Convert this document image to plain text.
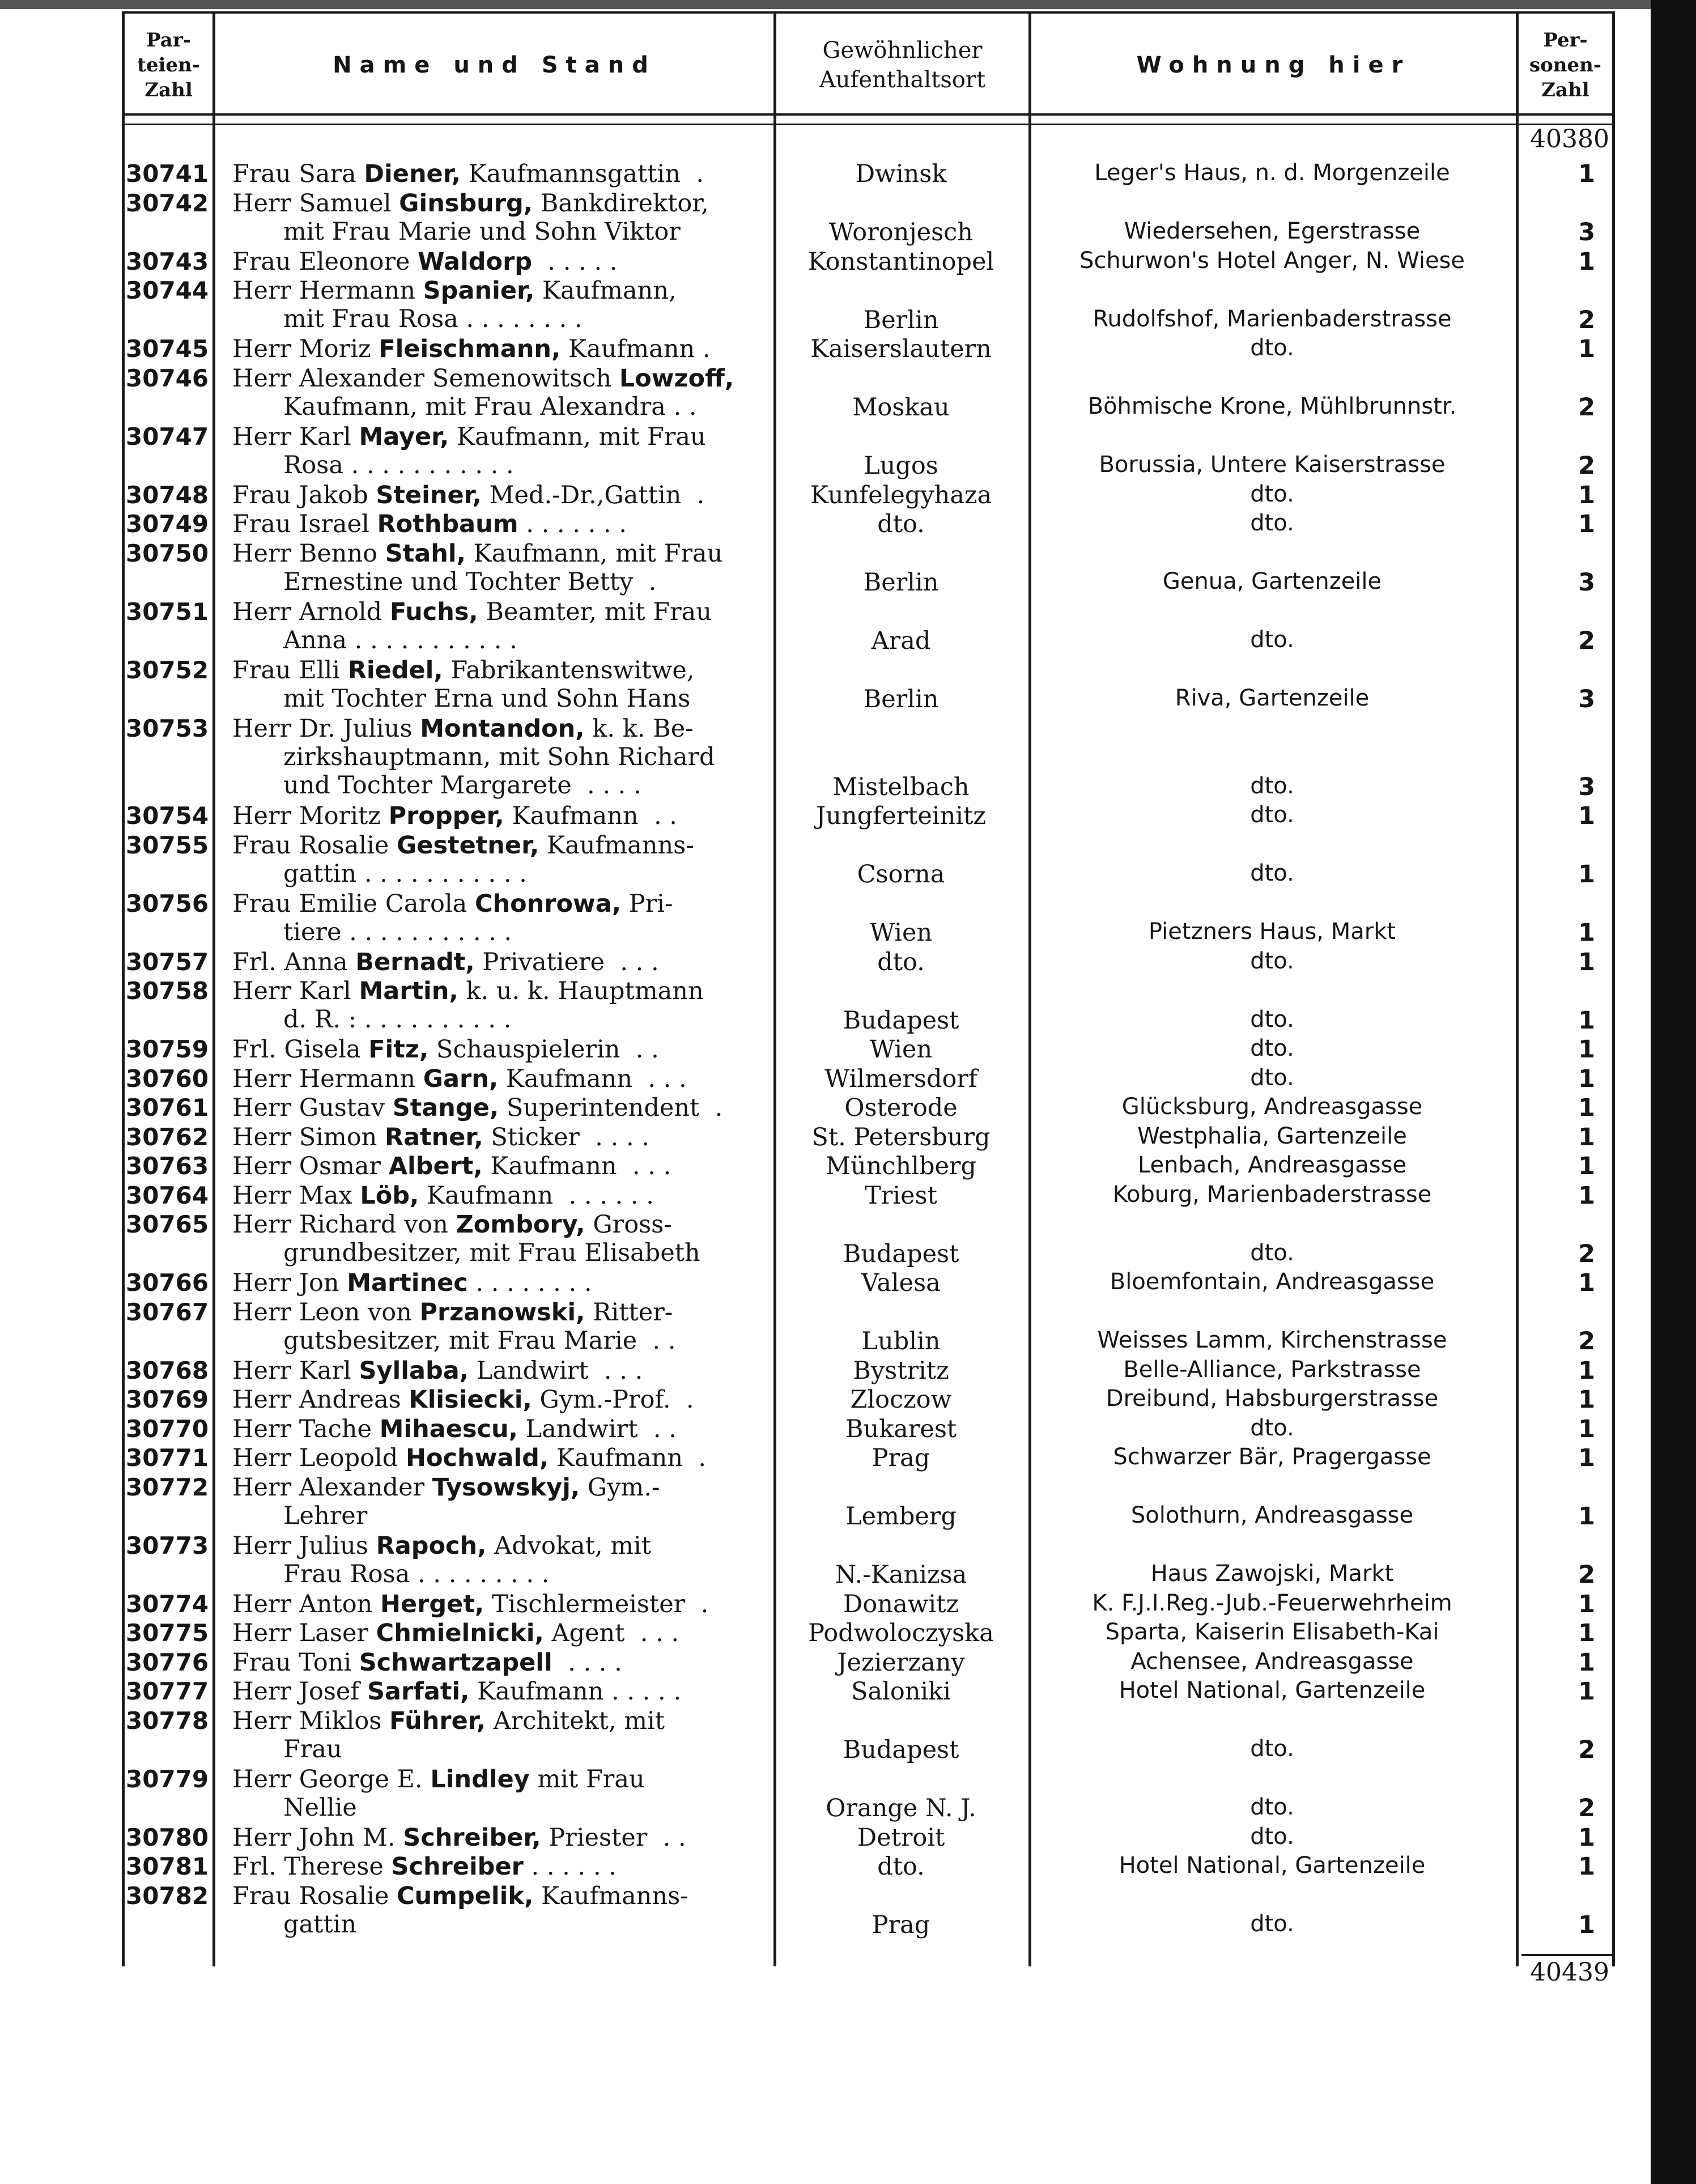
Par-
teien-
Zahl
Name und Stand
Gewöhnlicher
Aufenthaltsort
Wohnung hier
Per-
sonen-
Zahl
40380
40439
30741 Frau Sara Diener, Kaufmannsgattin  .	Dwinsk	Leger's Haus, n. d. Morgenzeile	1
30742 Herr Samuel Ginsburg, Bankdirektor,
mit Frau Marie und Sohn Viktor	Woronjesch	Wiedersehen, Egerstrasse	3
30743 Frau Eleonore Waldorp  . . . . .	Konstantinopel	Schurwon's Hotel Anger, N. Wiese	1
30744 Herr Hermann Spanier, Kaufmann,
mit Frau Rosa . . . . . . . .	Berlin	Rudolfshof, Marienbaderstrasse	2
30745 Herr Moriz Fleischmann, Kaufmann .	Kaiserslautern	dto.	1
30746 Herr Alexander Semenowitsch Lowzoff,
Kaufmann, mit Frau Alexandra . .	Moskau	Böhmische Krone, Mühlbrunnstr.	2
30747 Herr Karl Mayer, Kaufmann, mit Frau
Rosa . . . . . . . . . . .	Lugos	Borussia, Untere Kaiserstrasse	2
30748 Frau Jakob Steiner, Med.-Dr.,Gattin  .	Kunfelegyhaza	dto.	1
30749 Frau Israel Rothbaum . . . . . . .	dto.	dto.	1
30750 Herr Benno Stahl, Kaufmann, mit Frau
Ernestine und Tochter Betty  .	Berlin	Genua, Gartenzeile	3
30751 Herr Arnold Fuchs, Beamter, mit Frau
Anna . . . . . . . . . . .	Arad	dto.	2
30752 Frau Elli Riedel, Fabrikantenswitwe,
mit Tochter Erna und Sohn Hans	Berlin	Riva, Gartenzeile	3
30753 Herr Dr. Julius Montandon, k. k. Be-
zirkshauptmann, mit Sohn Richard
und Tochter Margarete  . . . .	Mistelbach	dto.	3
30754 Herr Moritz Propper, Kaufmann  . .	Jungferteinitz	dto.	1
30755 Frau Rosalie Gestetner, Kaufmanns-
gattin . . . . . . . . . . .	Csorna	dto.	1
30756 Frau Emilie Carola Chonrowa, Pri-
tiere . . . . . . . . . . .	Wien	Pietzners Haus, Markt	1
30757 Frl. Anna Bernadt, Privatiere  . . .	dto.	dto.	1
30758 Herr Karl Martin, k. u. k. Hauptmann
d. R. : . . . . . . . . . .	Budapest	dto.	1
30759 Frl. Gisela Fitz, Schauspielerin  . .	Wien	dto.	1
30760 Herr Hermann Garn, Kaufmann  . . .	Wilmersdorf	dto.	1
30761 Herr Gustav Stange, Superintendent  .	Osterode	Glücksburg, Andreasgasse	1
30762 Herr Simon Ratner, Sticker  . . . .	St. Petersburg	Westphalia, Gartenzeile	1
30763 Herr Osmar Albert, Kaufmann  . . .	Münchlberg	Lenbach, Andreasgasse	1
30764 Herr Max Löb, Kaufmann  . . . . . .	Triest	Koburg, Marienbaderstrasse	1
30765 Herr Richard von Zombory, Gross-
grundbesitzer, mit Frau Elisabeth	Budapest	dto.	2
30766 Herr Jon Martinec . . . . . . . .	Valesa	Bloemfontain, Andreasgasse	1
30767 Herr Leon von Przanowski, Ritter-
gutsbesitzer, mit Frau Marie  . .	Lublin	Weisses Lamm, Kirchenstrasse	2
30768 Herr Karl Syllaba, Landwirt  . . .	Bystritz	Belle-Alliance, Parkstrasse	1
30769 Herr Andreas Klisiecki, Gym.-Prof.  .	Zloczow	Dreibund, Habsburgerstrasse	1
30770 Herr Tache Mihaescu, Landwirt  . .	Bukarest	dto.	1
30771 Herr Leopold Hochwald, Kaufmann  .	Prag	Schwarzer Bär, Pragergasse	1
30772 Herr Alexander Tysowskyj, Gym.-
Lehrer	Lemberg	Solothurn, Andreasgasse	1
30773 Herr Julius Rapoch, Advokat, mit
Frau Rosa . . . . . . . . .	N.-Kanizsa	Haus Zawojski, Markt	2
30774 Herr Anton Herget, Tischlermeister  .	Donawitz	K. F.J.I.Reg.-Jub.-Feuerwehrheim	1
30775 Herr Laser Chmielnicki, Agent  . . .	Podwoloczyska	Sparta, Kaiserin Elisabeth-Kai	1
30776 Frau Toni Schwartzapell  . . . .	Jezierzany	Achensee, Andreasgasse	1
30777 Herr Josef Sarfati, Kaufmann . . . . .	Saloniki	Hotel National, Gartenzeile	1
30778 Herr Miklos Führer, Architekt, mit
Frau	Budapest	dto.	2
30779 Herr George E. Lindley mit Frau
Nellie	Orange N. J.	dto.	2
30780 Herr John M. Schreiber, Priester  . .	Detroit	dto.	1
30781 Frl. Therese Schreiber . . . . . .	dto.	Hotel National, Gartenzeile	1
30782 Frau Rosalie Cumpelik, Kaufmanns-
gattin	Prag	dto.	1
